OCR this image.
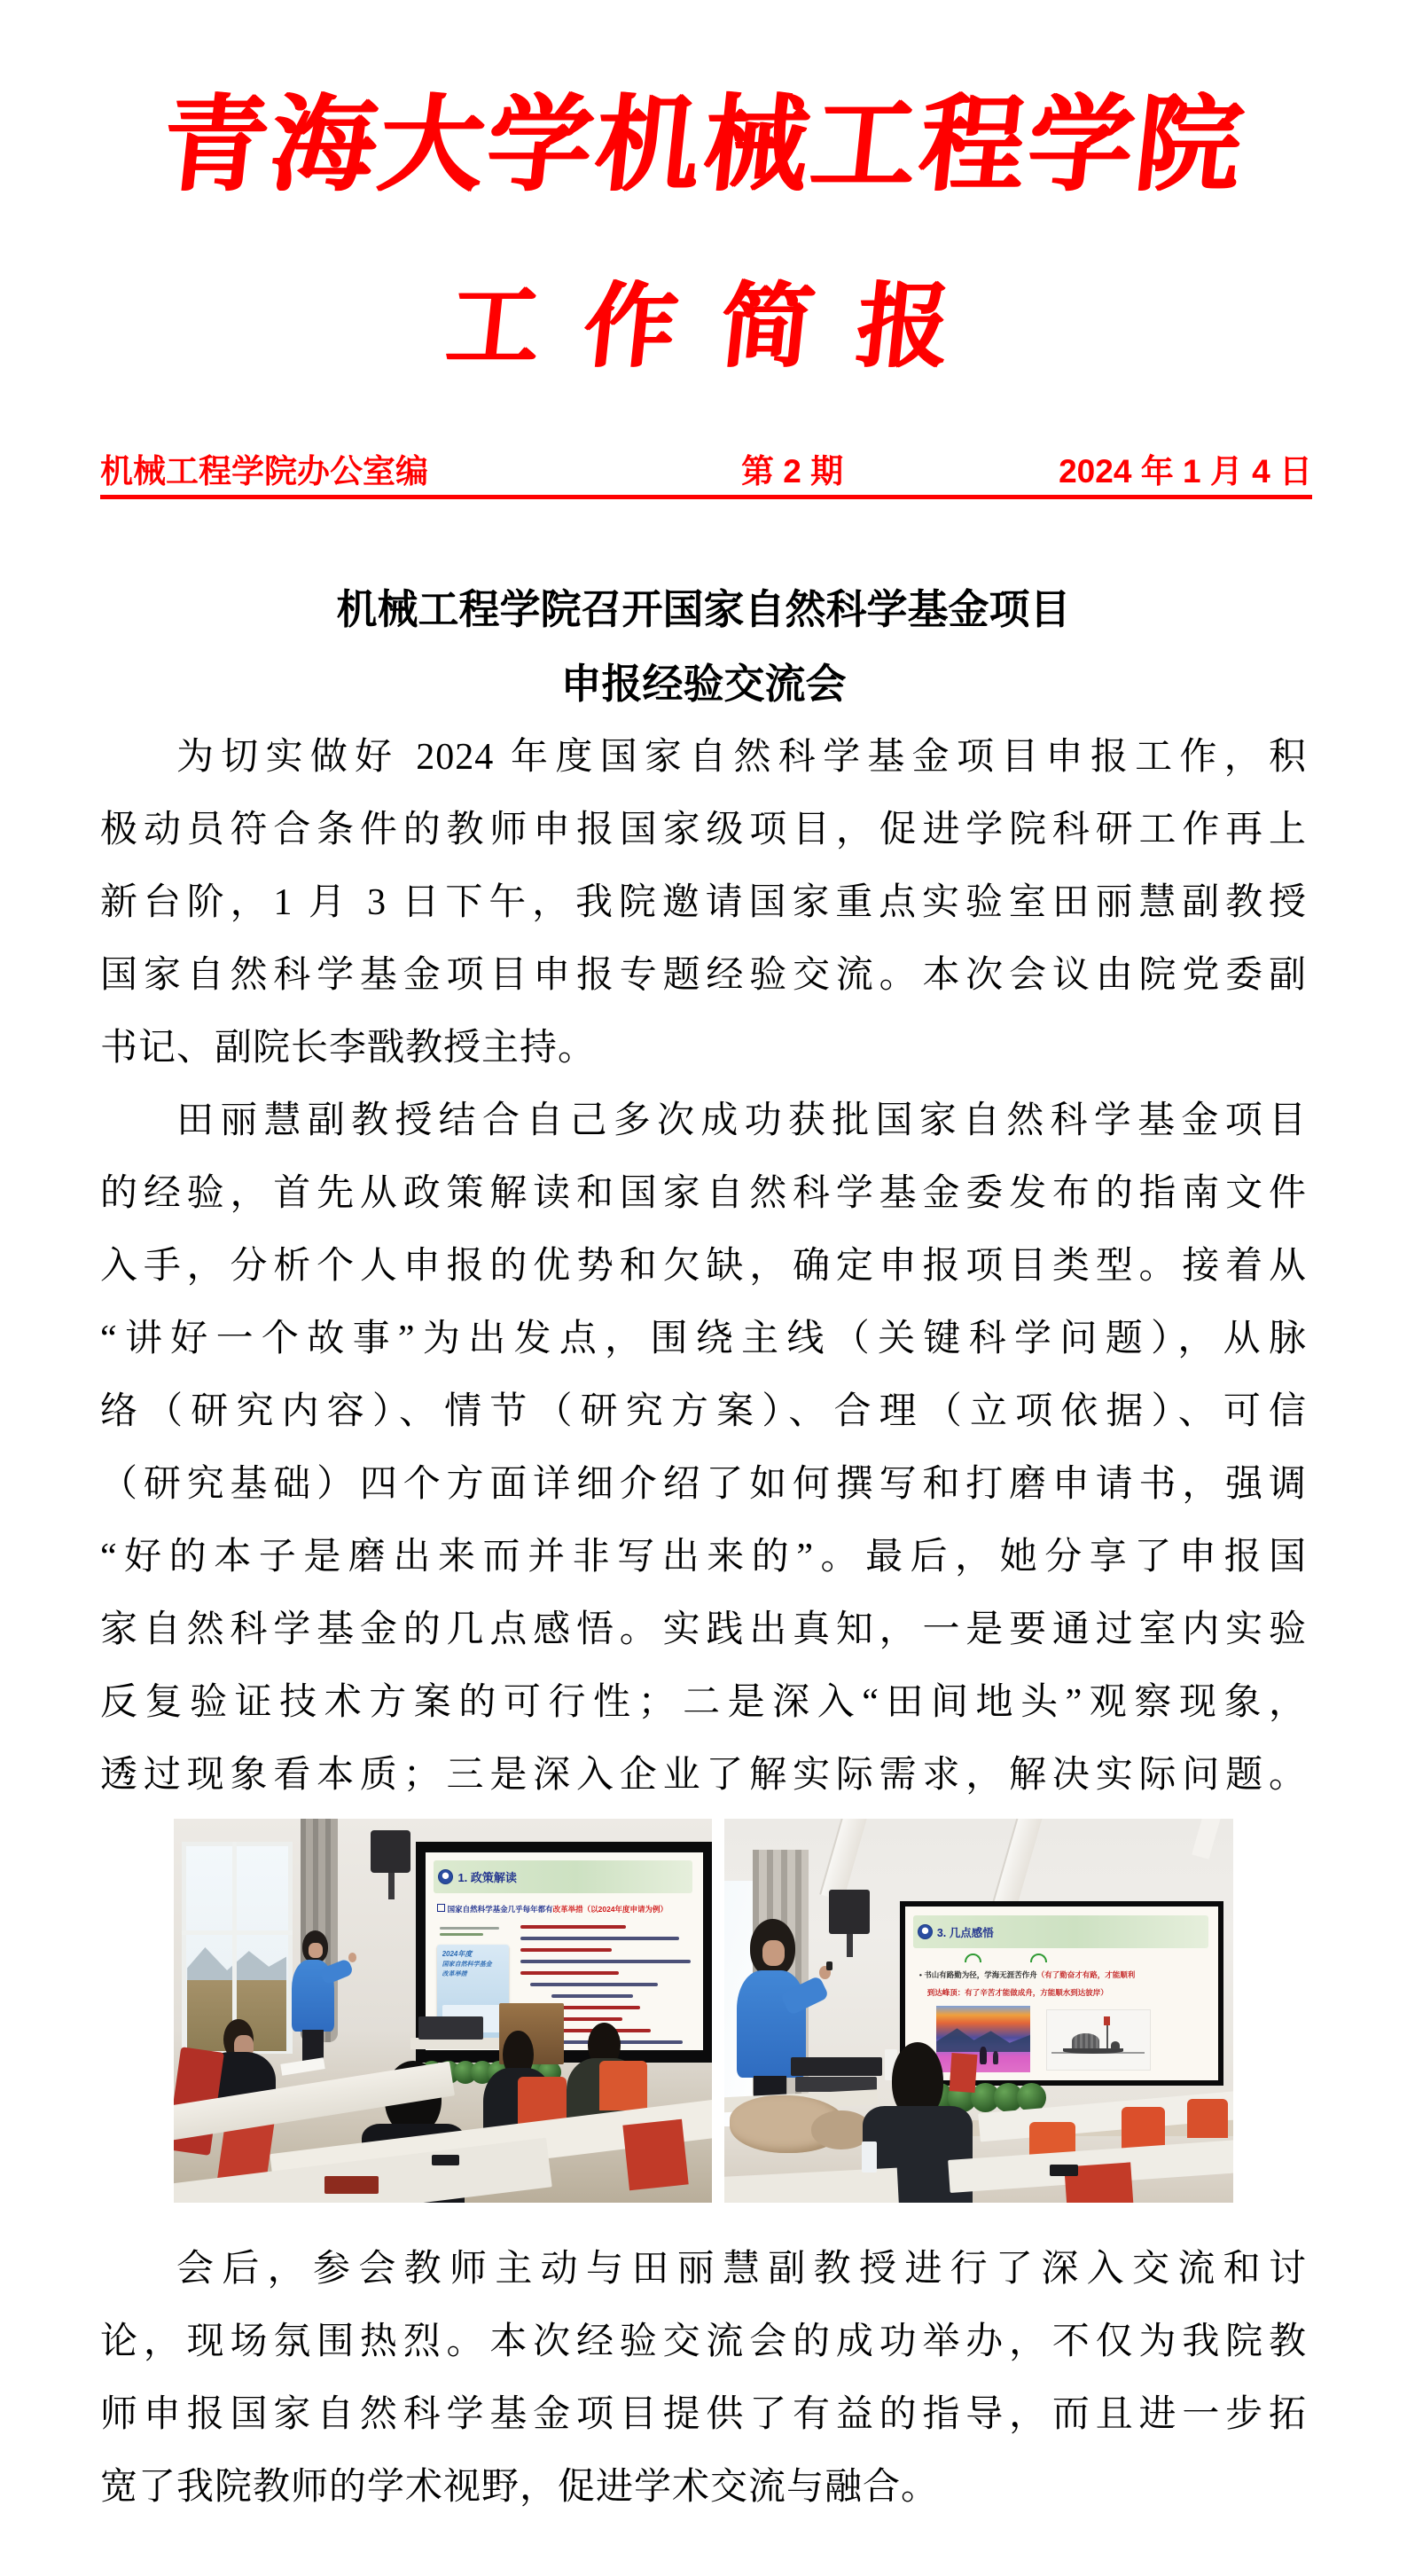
青海大学机械工程学院
工 作 简 报
机械工程学院办公室编	第 2 期	2024 年 1 月 4 日
机械工程学院召开国家自然科学基金项目
申报经验交流会
为切实做好 2024 年度国家自然科学基金项目申报工作，积
极动员符合条件的教师申报国家级项目，促进学院科研工作再上
新台阶，1 月 3 日下午，我院邀请国家重点实验室田丽慧副教授
国家自然科学基金项目申报专题经验交流。本次会议由院党委副
书记、副院长李戬教授主持。
田丽慧副教授结合自己多次成功获批国家自然科学基金项目
的经验，首先从政策解读和国家自然科学基金委发布的指南文件
入手，分析个人申报的优势和欠缺，确定申报项目类型。接着从
“讲好一个故事”为出发点，围绕主线（关键科学问题），从脉
络（研究内容）、情节（研究方案）、合理（立项依据）、可信
（研究基础）四个方面详细介绍了如何撰写和打磨申请书，强调
“好的本子是磨出来而并非写出来的”。最后，她分享了申报国
家自然科学基金的几点感悟。实践出真知，一是要通过室内实验
反复验证技术方案的可行性；二是深入“田间地头”观察现象，
透过现象看本质；三是深入企业了解实际需求，解决实际问题。
1. 政策解读
国家自然科学基金几乎每年都有改革举措（以2024年度申请为例）
2024年度
国家自然科学基金
改革举措
3. 几点感悟
• 书山有路勤为径，学海无涯苦作舟（有了勤奋才有路，才能顺利
到达峰顶：有了辛苦才能做成舟，方能顺水到达彼岸）
会后，参会教师主动与田丽慧副教授进行了深入交流和讨
论，现场氛围热烈。本次经验交流会的成功举办，不仅为我院教
师申报国家自然科学基金项目提供了有益的指导，而且进一步拓
宽了我院教师的学术视野，促进学术交流与融合。
